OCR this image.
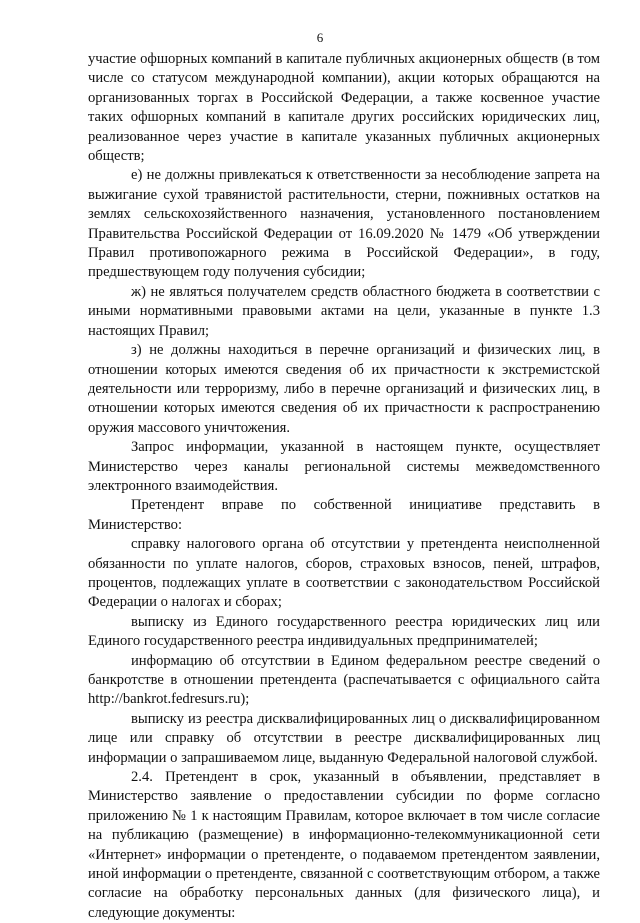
6

участие офшорных компаний в капитале публичных акционерных обществ (в том числе со статусом международной компании), акции которых обращаются на организованных торгах в Российской Федерации, а также косвенное участие таких офшорных компаний в капитале других российских юридических лиц, реализованное через участие в капитале указанных публичных акционерных обществ;

е) не должны привлекаться к ответственности за несоблюдение запрета на выжигание сухой травянистой растительности, стерни, пожнивных остатков на землях сельскохозяйственного назначения, установленного постановлением Правительства Российской Федерации от 16.09.2020 № 1479 «Об утверждении Правил противопожарного режима в Российской Федерации», в году, предшествующем году получения субсидии;

ж) не являться получателем средств областного бюджета в соответствии с иными нормативными правовыми актами на цели, указанные в пункте 1.3 настоящих Правил;

з) не должны находиться в перечне организаций и физических лиц, в отношении которых имеются сведения об их причастности к экстремистской деятельности или терроризму, либо в перечне организаций и физических лиц, в отношении которых имеются сведения об их причастности к распространению оружия массового уничтожения.

Запрос информации, указанной в настоящем пункте, осуществляет Министерство через каналы региональной системы межведомственного электронного взаимодействия.

Претендент вправе по собственной инициативе представить в Министерство:

справку налогового органа об отсутствии у претендента неисполненной обязанности по уплате налогов, сборов, страховых взносов, пеней, штрафов, процентов, подлежащих уплате в соответствии с законодательством Российской Федерации о налогах и сборах;

выписку из Единого государственного реестра юридических лиц или Единого государственного реестра индивидуальных предпринимателей;

информацию об отсутствии в Едином федеральном реестре сведений о банкротстве в отношении претендента (распечатывается с официального сайта http://bankrot.fedresurs.ru);

выписку из реестра дисквалифицированных лиц о дисквалифицированном лице или справку об отсутствии в реестре дисквалифицированных лиц информации о запрашиваемом лице, выданную Федеральной налоговой службой.

2.4. Претендент в срок, указанный в объявлении, представляет в Министерство заявление о предоставлении субсидии по форме согласно приложению № 1 к настоящим Правилам, которое включает в том числе согласие на публикацию (размещение) в информационно-телекоммуникационной сети «Интернет» информации о претенденте, о подаваемом претендентом заявлении, иной информации о претенденте, связанной с соответствующим отбором, а также согласие на обработку персональных данных (для физического лица), и следующие документы:
